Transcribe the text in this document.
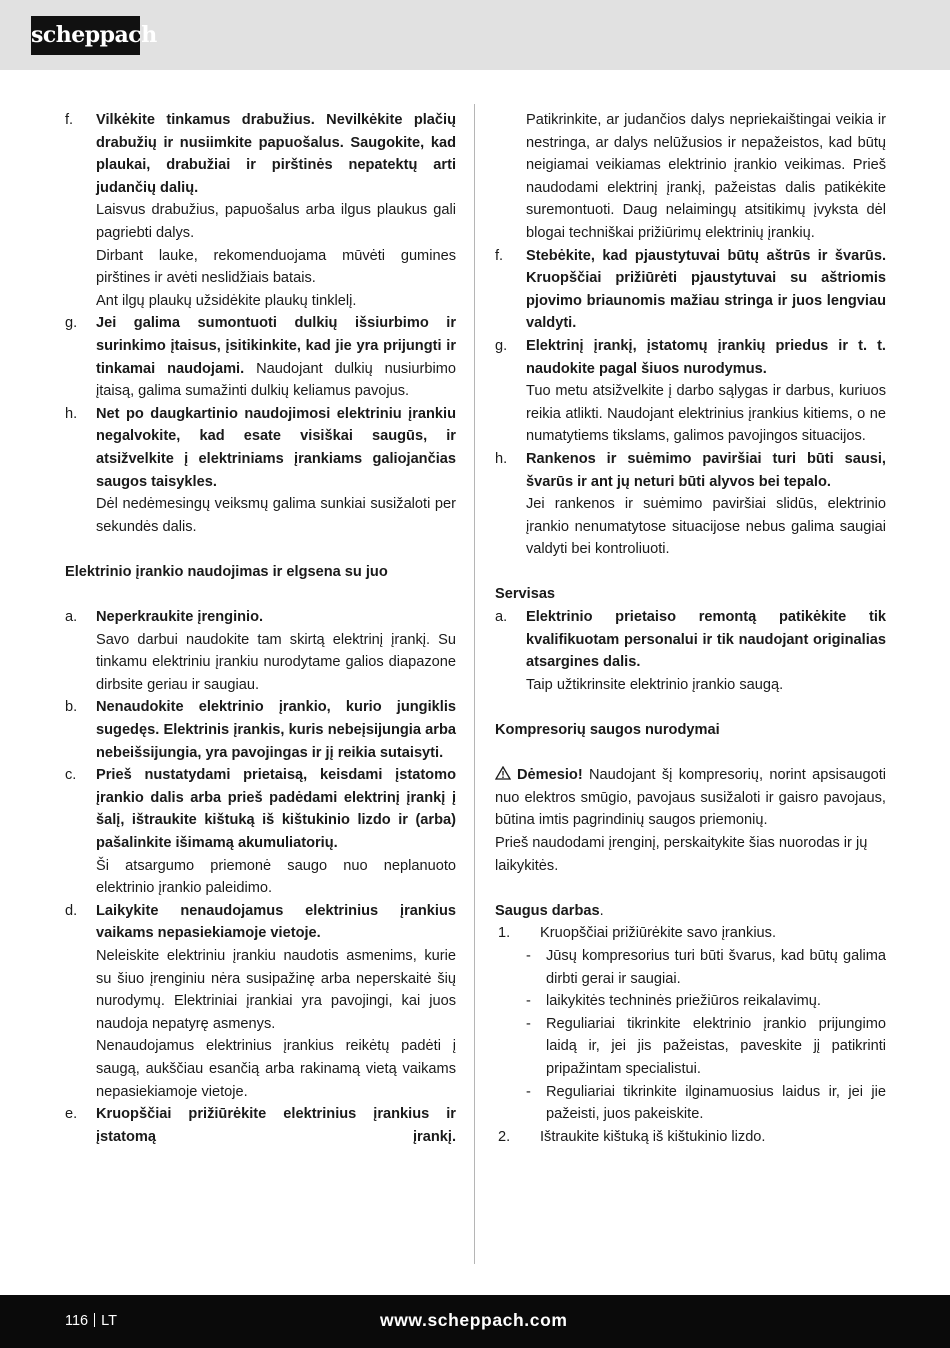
scheppach
f. Vilkėkite tinkamus drabužius. Nevilkėkite plačių drabužių ir nusiimkite papuošalus. Saugokite, kad plaukai, drabužiai ir pirštinės nepatektų arti judančių dalių.
Laisvus drabužius, papuošalus arba ilgus plaukus gali pagriebti dalys.
Dirbant lauke, rekomenduojama mūvėti gumines pirštines ir avėti neslidžiais batais.
Ant ilgų plaukų užsidėkite plaukų tinklelį.
g. Jei galima sumontuoti dulkių išsiurbimo ir surinkimo įtaisus, įsitikinkite, kad jie yra prijungti ir tinkamai naudojami. Naudojant dulkių nusiurbimo įtaisą, galima sumažinti dulkių keliamus pavojus.
h. Net po daugkartinio naudojimosi elektriniu įrankiu negalvokite, kad esate visiškai saugūs, ir atsižvelkite į elektriniams įrankiams galiojančias saugos taisykles.
Dėl nedėmesingų veiksmų galima sunkiai susižaloti per sekundės dalis.
Elektrinio įrankio naudojimas ir elgsena su juo
a. Neperkraukite įrenginio.
Savo darbui naudokite tam skirtą elektrinį įrankį. Su tinkamu elektriniu įrankiu nurodytame galios diapazone dirbsite geriau ir saugiau.
b. Nenaudokite elektrinio įrankio, kurio jungiklis sugedęs. Elektrinis įrankis, kuris nebeįsijungia arba nebeišsijungia, yra pavojingas ir jį reikia sutaisyti.
c. Prieš nustatydami prietaisą, keisdami įstatomo įrankio dalis arba prieš padėdami elektrinį įrankį į šalį, ištraukite kištuką iš kištukinio lizdo ir (arba) pašalinkite išimamą akumuliatorių.
Ši atsargumo priemonė saugo nuo neplanuoto elektrinio įrankio paleidimo.
d. Laikykite nenaudojamus elektrinius įrankius vaikams nepasiekiamoje vietoje.
Neleiskite elektriniu įrankiu naudotis asmenims, kurie su šiuo įrenginiu nėra susipažinę arba neperskaitė šių nurodymų. Elektriniai įrankiai yra pavojingi, kai juos naudoja nepatyrę asmenys.
Nenaudojamus elektrinius įrankius reikėtų padėti į saugą, aukščiau esančią arba rakinamą vietą vaikams nepasiekiamoje vietoje.
e. Kruopščiai prižiūrėkite elektrinius įrankius ir įstatomą įrankį.
Patikrinkite, ar judančios dalys nepriekaištingai veikia ir nestringa, ar dalys nelūžusios ir nepažeistos, kad būtų neigiamai veikiamas elektrinio įrankio veikimas. Prieš naudodami elektrinį įrankį, pažeistas dalis patikėkite suremontuoti. Daug nelaimingų atsitikimų įvyksta dėl blogai techniškai prižiūrimų elektrinių įrankių.
f. Stebėkite, kad pjaustytuvai būtų aštrūs ir švarūs. Kruopščiai prižiūrėti pjaustytuvai su aštriomis pjovimo briaunomis mažiau stringa ir juos lengviau valdyti.
g. Elektrinį įrankį, įstatomų įrankių priedus ir t. t. naudokite pagal šiuos nurodymus.
Tuo metu atsižvelkite į darbo sąlygas ir darbus, kuriuos reikia atlikti. Naudojant elektrinius įrankius kitiems, o ne numatytiems tikslams, galimos pavojingos situacijos.
h. Rankenos ir suėmimo paviršiai turi būti sausi, švarūs ir ant jų neturi būti alyvos bei tepalo.
Jei rankenos ir suėmimo paviršiai slidūs, elektrinio įrankio nenumatytose situacijose nebus galima saugiai valdyti bei kontroliuoti.
Servisas
a. Elektrinio prietaiso remontą patikėkite tik kvalifikuotam personalui ir tik naudojant originalias atsargines dalis.
Taip užtikrinsite elektrinio įrankio saugą.
Kompresorių saugos nurodymai
Dėmesio! Naudojant šį kompresorių, norint apsisaugoti nuo elektros smūgio, pavojaus susižaloti ir gaisro pavojaus, būtina imtis pagrindinių saugos priemonių.
Prieš naudodami įrenginį, perskaitykite šias nuorodas ir jų laikykitės.
Saugus darbas.
1. Kruopščiai prižiūrėkite savo įrankius.
- Jūsų kompresorius turi būti švarus, kad būtų galima dirbti gerai ir saugiai.
- laikykitės techninės priežiūros reikalavimų.
- Reguliariai tikrinkite elektrinio įrankio prijungimo laidą ir, jei jis pažeistas, paveskite jį patikrinti pripažintam specialistui.
- Reguliariai tikrinkite ilginamuosius laidus ir, jei jie pažeisti, juos pakeiskite.
2. Ištraukite kištuką iš kištukinio lizdo.
116 LT	www.scheppach.com
